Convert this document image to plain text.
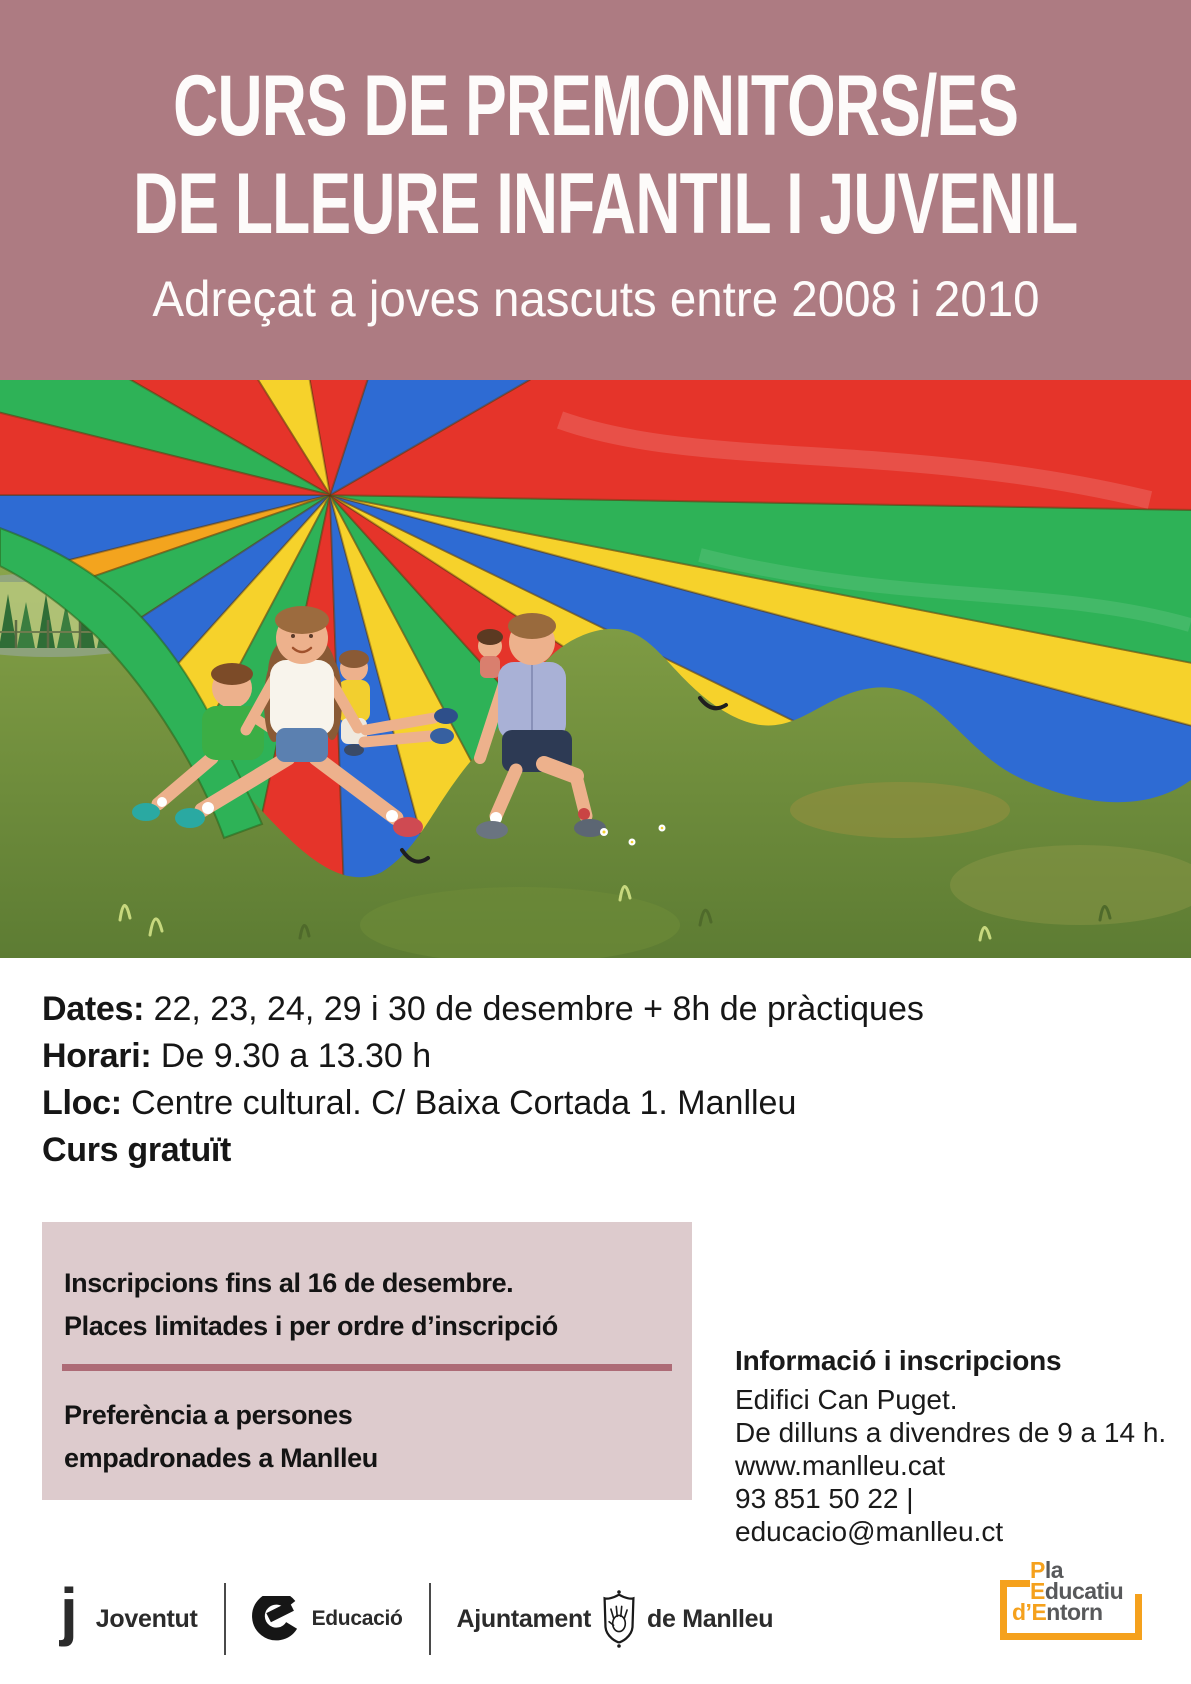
CURS DE PREMONITORS/ES
DE LLEURE INFANTIL I JUVENIL
Adreçat a joves nascuts entre 2008 i 2010
Dates: 22, 23, 24, 29 i 30 de desembre + 8h de pràctiques
Horari: De 9.30 a 13.30 h
Lloc: Centre cultural. C/ Baixa Cortada 1. Manlleu
Curs gratuït
Inscripcions fins al 16 de desembre.
Places limitades i per ordre d’inscripció
Preferència a persones
empadronades a Manlleu
Informació i inscripcions
Edifici Can Puget.
De dilluns a divendres de 9 a 14 h.
www.manlleu.cat
93 851 50 22 | educacio@manlleu.ct
j Joventut	Educació Ajuntament de Manlleu
Pla
Educatiu
d’Entorn
